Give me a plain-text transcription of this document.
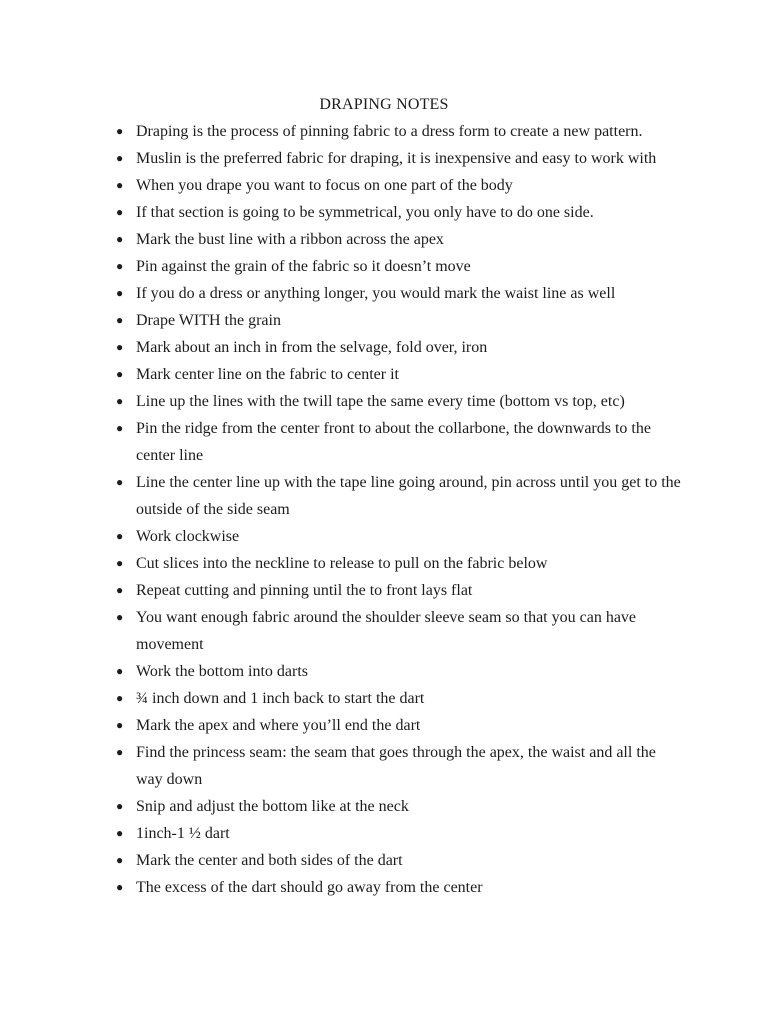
DRAPING NOTES
● Draping is the process of pinning fabric to a dress form to create a new pattern.
● Muslin is the preferred fabric for draping, it is inexpensive and easy to work with
● When you drape you want to focus on one part of the body
● If that section is going to be symmetrical, you only have to do one side.
● Mark the bust line with a ribbon across the apex
● Pin against the grain of the fabric so it doesn’t move
● If you do a dress or anything longer, you would mark the waist line as well
● Drape WITH the grain
● Mark about an inch in from the selvage, fold over, iron
● Mark center line on the fabric to center it
● Line up the lines with the twill tape the same every time (bottom vs top, etc)
● Pin the ridge from the center front to about the collarbone, the downwards to the center line
● Line the center line up with the tape line going around, pin across until you get to the outside of the side seam
● Work clockwise
● Cut slices into the neckline to release to pull on the fabric below
● Repeat cutting and pinning until the to front lays flat
● You want enough fabric around the shoulder sleeve seam so that you can have movement
● Work the bottom into darts
● ¾ inch down and 1 inch back to start the dart
● Mark the apex and where you’ll end the dart
● Find the princess seam: the seam that goes through the apex, the waist and all the way down
● Snip and adjust the bottom like at the neck
● 1inch-1 ½ dart
● Mark the center and both sides of the dart
● The excess of the dart should go away from the center
